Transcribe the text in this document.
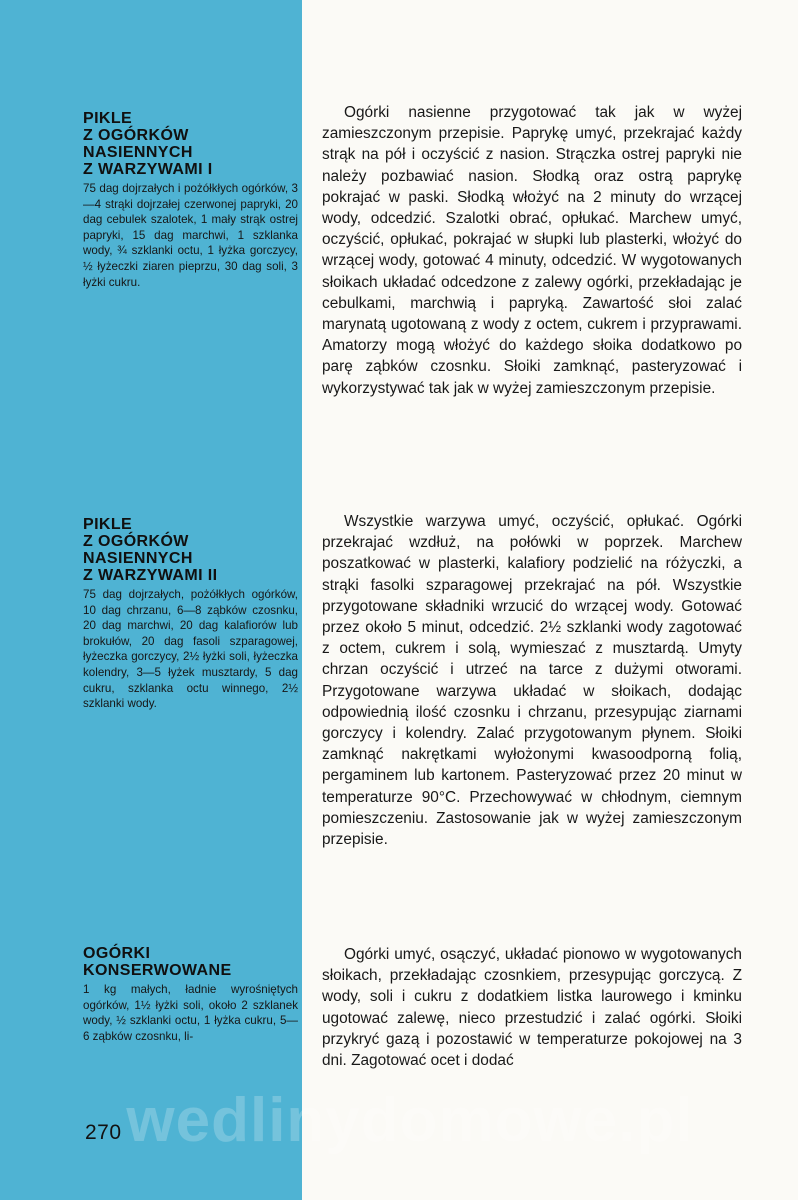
PIKLE
Z OGÓRKÓW
NASIENNYCH
Z WARZYWAMI I

75 dag dojrzałych i pożółkłych ogórków, 3—4 strąki dojrzałej czerwonej papryki, 20 dag cebulek szalotek, 1 mały strąk ostrej papryki, 15 dag marchwi, 1 szklanka wody, ¾ szklanki octu, 1 łyżka gorczycy, ½ łyżeczki ziaren pieprzu, 30 dag soli, 3 łyżki cukru.

Ogórki nasienne przygotować tak jak w wyżej zamieszczonym przepisie. Paprykę umyć, przekrajać każdy strąk na pół i oczyścić z nasion. Strączka ostrej papryki nie należy pozbawiać nasion. Słodką oraz ostrą paprykę pokrajać w paski. Słodką włożyć na 2 minuty do wrzącej wody, odcedzić. Szalotki obrać, opłukać. Marchew umyć, oczyścić, opłukać, pokrajać w słupki lub plasterki, włożyć do wrzącej wody, gotować 4 minuty, odcedzić. W wygotowanych słoikach układać odcedzone z zalewy ogórki, przekładając je cebulkami, marchwią i papryką. Zawartość słoi zalać marynatą ugotowaną z wody z octem, cukrem i przyprawami. Amatorzy mogą włożyć do każdego słoika dodatkowo po parę ząbków czosnku. Słoiki zamknąć, pasteryzować i wykorzystywać tak jak w wyżej zamieszczonym przepisie.

PIKLE
Z OGÓRKÓW
NASIENNYCH
Z WARZYWAMI II

75 dag dojrzałych, pożółkłych ogórków, 10 dag chrzanu, 6—8 ząbków czosnku, 20 dag marchwi, 20 dag kalafiorów lub brokułów, 20 dag fasoli szparagowej, łyżeczka gorczycy, 2½ łyżki soli, łyżeczka kolendry, 3—5 łyżek musztardy, 5 dag cukru, szklanka octu winnego, 2½ szklanki wody.

Wszystkie warzywa umyć, oczyścić, opłukać. Ogórki przekrajać wzdłuż, na połówki w poprzek. Marchew poszatkować w plasterki, kalafiory podzielić na różyczki, a strąki fasolki szparagowej przekrajać na pół. Wszystkie przygotowane składniki wrzucić do wrzącej wody. Gotować przez około 5 minut, odcedzić. 2½ szklanki wody zagotować z octem, cukrem i solą, wymieszać z musztardą. Umyty chrzan oczyścić i utrzeć na tarce z dużymi otworami. Przygotowane warzywa układać w słoikach, dodając odpowiednią ilość czosnku i chrzanu, przesypując ziarnami gorczycy i kolendry. Zalać przygotowanym płynem. Słoiki zamknąć nakrętkami wyłożonymi kwasoodporną folią, pergaminem lub kartonem. Pasteryzować przez 20 minut w temperaturze 90°C. Przechowywać w chłodnym, ciemnym pomieszczeniu. Zastosowanie jak w wyżej zamieszczonym przepisie.

OGÓRKI
KONSERWOWANE

1 kg małych, ładnie wyrośniętych ogórków, 1½ łyżki soli, około 2 szklanek wody, ½ szklanki octu, 1 łyżka cukru, 5—6 ząbków czosnku, li-

Ogórki umyć, osączyć, układać pionowo w wygotowanych słoikach, przekładając czosnkiem, przesypując gorczycą. Z wody, soli i cukru z dodatkiem listka laurowego i kminku ugotować zalewę, nieco przestudzić i zalać ogórki. Słoiki przykryć gazą i pozostawić w temperaturze pokojowej na 3 dni. Zagotować ocet i dodać

270 wedlinydomowe.pl
